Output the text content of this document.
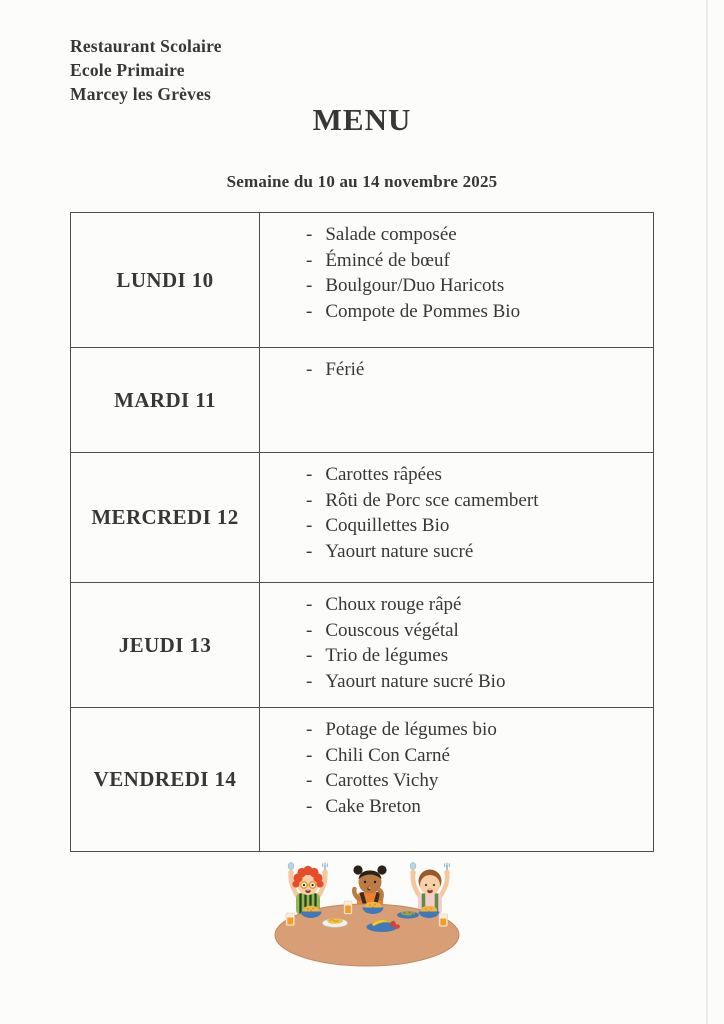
Restaurant Scolaire
Ecole Primaire
Marcey les Grèves
MENU
Semaine du 10 au 14 novembre 2025
LUNDI 10	
- Salade composée
- Émincé de bœuf
- Boulgour/Duo Haricots
- Compote de Pommes Bio

MARDI 11	- Férié

MERCREDI 12	
- Carottes râpées
- Rôti de Porc sce camembert
- Coquillettes Bio
- Yaourt nature sucré

JEUDI 13	
- Choux rouge râpé
- Couscous végétal
- Trio de légumes
- Yaourt nature sucré Bio

VENDREDI 14	
- Potage de légumes bio
- Chili Con Carné
- Carottes Vichy
- Cake Breton
